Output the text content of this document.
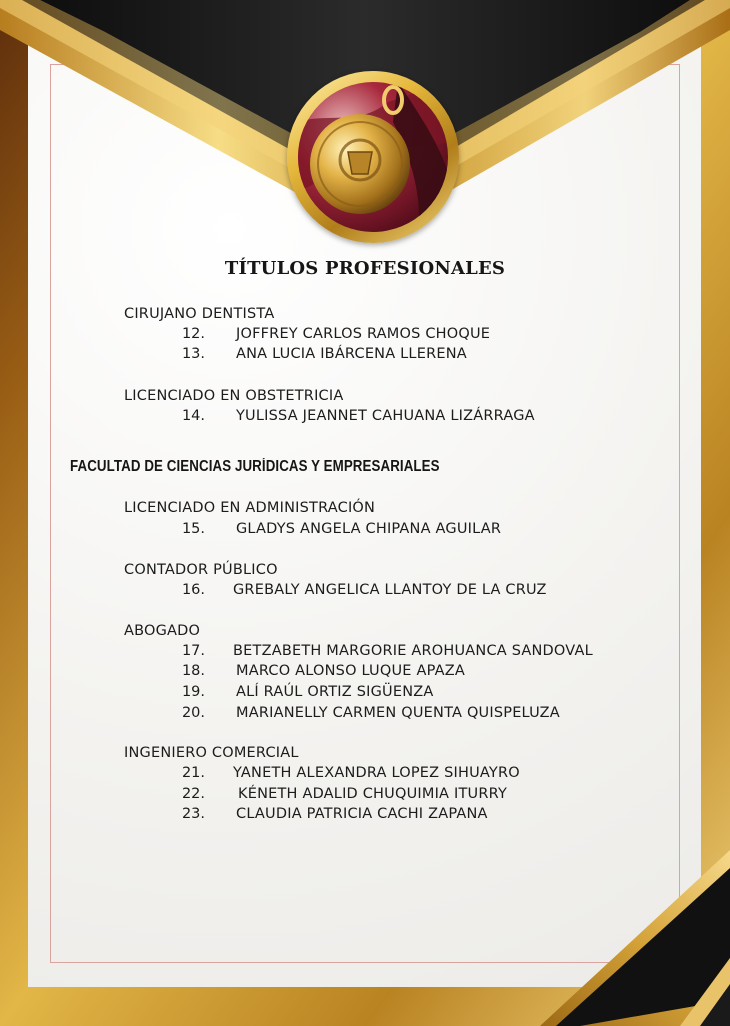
TÍTULOS PROFESIONALES
CIRUJANO DENTISTA
12. JOFFREY CARLOS RAMOS CHOQUE
13. ANA LUCIA IBÁRCENA LLERENA
LICENCIADO EN OBSTETRICIA
14. YULISSA JEANNET CAHUANA LIZÁRRAGA
FACULTAD DE CIENCIAS JURÍDICAS Y EMPRESARIALES
LICENCIADO EN ADMINISTRACIÓN
15. GLADYS ANGELA CHIPANA AGUILAR
CONTADOR PÚBLICO
16. GREBALY ANGELICA LLANTOY DE LA CRUZ
ABOGADO
17. BETZABETH MARGORIE AROHUANCA SANDOVAL
18. MARCO ALONSO LUQUE APAZA
19. ALÍ RAÚL ORTIZ SIGÜENZA
20. MARIANELLY CARMEN QUENTA QUISPELUZA
INGENIERO COMERCIAL
21. YANETH ALEXANDRA LOPEZ SIHUAYRO
22. KÉNETH ADALID CHUQUIMIA ITURRY
23. CLAUDIA PATRICIA CACHI ZAPANA
